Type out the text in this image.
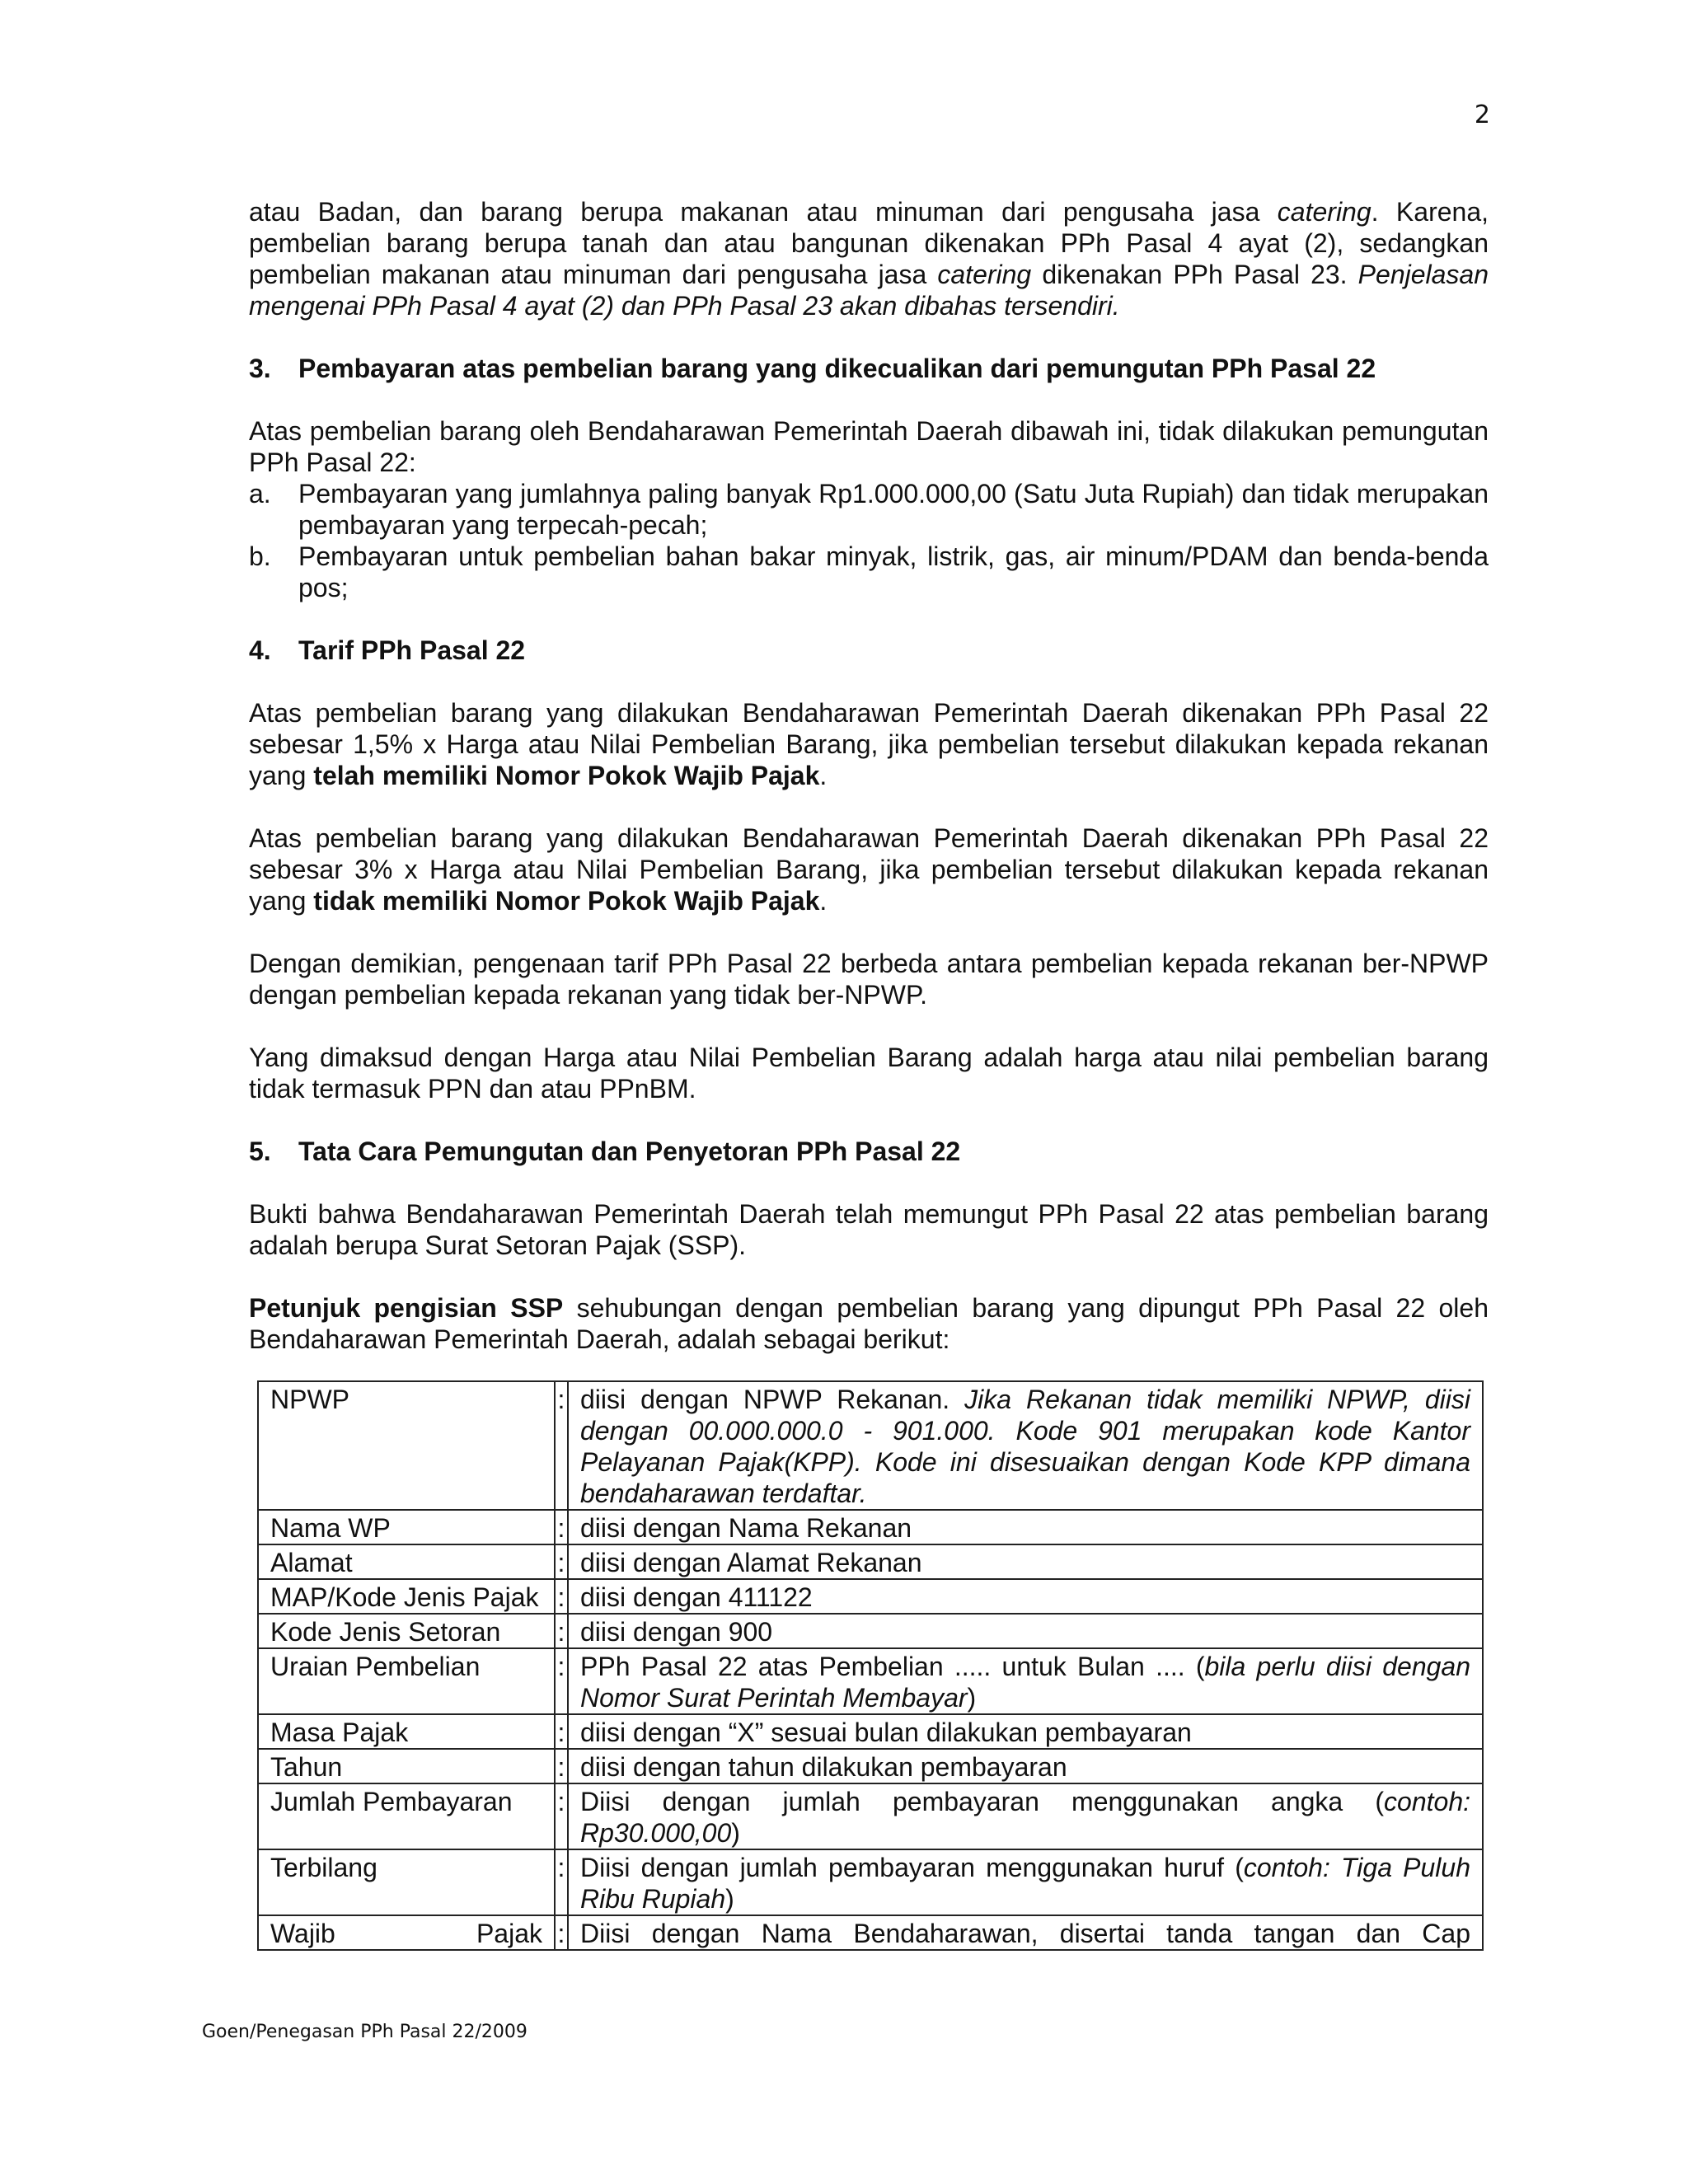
2

atau Badan, dan barang berupa makanan atau minuman dari pengusaha jasa catering. Karena, pembelian barang berupa tanah dan atau bangunan dikenakan PPh Pasal 4 ayat (2), sedangkan pembelian makanan atau minuman dari pengusaha jasa catering dikenakan PPh Pasal 23. Penjelasan mengenai PPh Pasal 4 ayat (2) dan PPh Pasal 23 akan dibahas tersendiri.

3.	Pembayaran atas pembelian barang yang dikecualikan dari pemungutan PPh Pasal 22

Atas pembelian barang oleh Bendaharawan Pemerintah Daerah dibawah ini, tidak dilakukan pemungutan PPh Pasal 22:

a.	Pembayaran yang jumlahnya paling banyak Rp1.000.000,00 (Satu Juta Rupiah) dan tidak merupakan pembayaran yang terpecah-pecah;
b.	Pembayaran untuk pembelian bahan bakar minyak, listrik, gas, air minum/PDAM dan benda-benda pos;
4.	Tarif PPh Pasal 22

Atas pembelian barang yang dilakukan Bendaharawan Pemerintah Daerah dikenakan PPh Pasal 22 sebesar 1,5% x Harga atau Nilai Pembelian Barang, jika pembelian tersebut dilakukan kepada rekanan yang telah memiliki Nomor Pokok Wajib Pajak.

Atas pembelian barang yang dilakukan Bendaharawan Pemerintah Daerah dikenakan PPh Pasal 22 sebesar 3% x Harga atau Nilai Pembelian Barang, jika pembelian tersebut dilakukan kepada rekanan yang tidak memiliki Nomor Pokok Wajib Pajak.

Dengan demikian, pengenaan tarif PPh Pasal 22 berbeda antara pembelian kepada rekanan ber-NPWP dengan pembelian kepada rekanan yang tidak ber-NPWP.

Yang dimaksud dengan Harga atau Nilai Pembelian Barang adalah harga atau nilai pembelian barang tidak termasuk PPN dan atau PPnBM.

5.	Tata Cara Pemungutan dan Penyetoran PPh Pasal 22

Bukti bahwa Bendaharawan Pemerintah Daerah telah memungut PPh Pasal 22 atas pembelian barang adalah berupa Surat Setoran Pajak (SSP).

Petunjuk pengisian SSP sehubungan dengan pembelian barang yang dipungut PPh Pasal 22 oleh Bendaharawan Pemerintah Daerah, adalah sebagai berikut:

NPWP	:	diisi dengan NPWP Rekanan. Jika Rekanan tidak memiliki NPWP, diisi dengan 00.000.000.0 - 901.000. Kode 901 merupakan kode Kantor Pelayanan Pajak(KPP). Kode ini disesuaikan dengan Kode KPP dimana bendaharawan terdaftar.
Nama WP	:	diisi dengan Nama Rekanan
Alamat	:	diisi dengan Alamat Rekanan
MAP/Kode Jenis Pajak	:	diisi dengan 411122
Kode Jenis Setoran	:	diisi dengan 900
Uraian Pembelian	:	PPh Pasal 22 atas Pembelian ..... untuk Bulan .... (bila perlu diisi dengan Nomor Surat Perintah Membayar)
Masa Pajak	:	diisi dengan “X” sesuai bulan dilakukan pembayaran
Tahun	:	diisi dengan tahun dilakukan pembayaran
Jumlah Pembayaran	:	Diisi dengan jumlah pembayaran menggunakan angka (contoh: Rp30.000,00)
Terbilang	:	Diisi dengan jumlah pembayaran menggunakan huruf (contoh: Tiga Puluh Ribu Rupiah)
Wajib Pajak	:	Diisi dengan Nama Bendaharawan, disertai tanda tangan dan Cap
Goen/Penegasan PPh Pasal 22/2009
